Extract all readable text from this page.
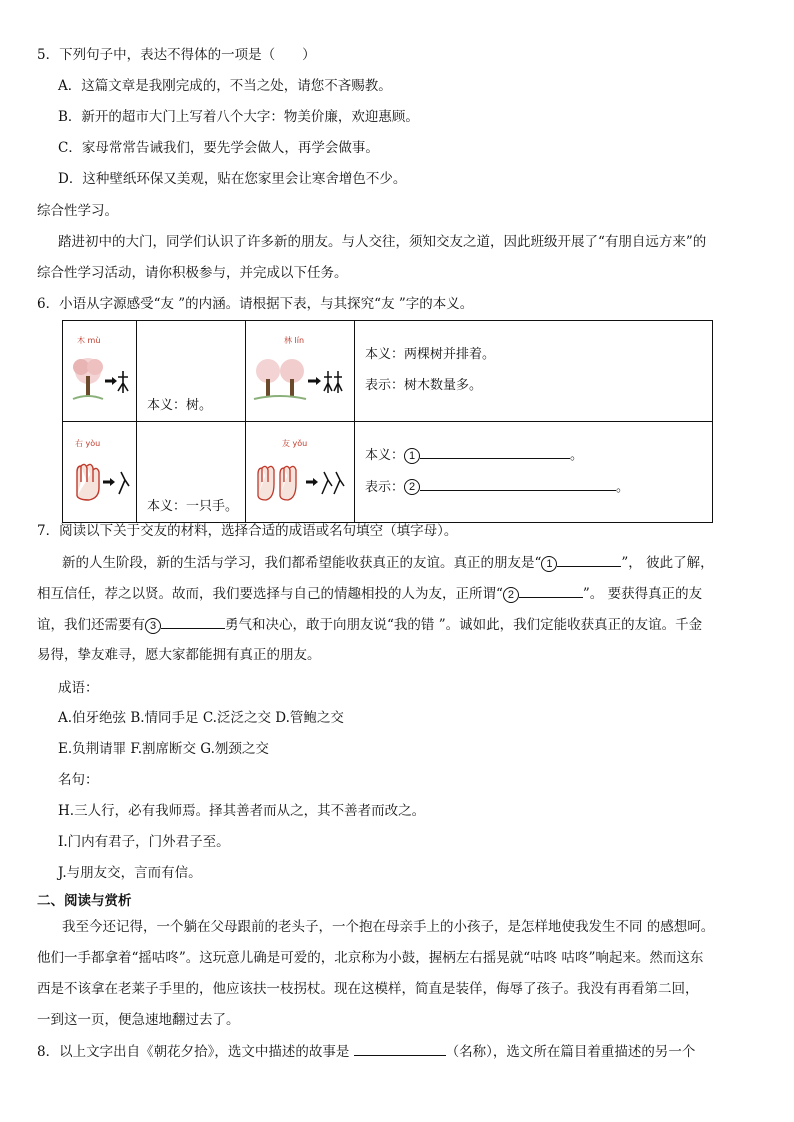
5．下列句子中，表达不得体的一项是（　　）
A．这篇文章是我刚完成的，不当之处，请您不吝赐教。
B．新开的超市大门上写着八个大字：物美价廉，欢迎惠顾。
C．家母常常告诫我们，要先学会做人，再学会做事。
D．这种壁纸环保又美观，贴在您家里会让寒舍增色不少。
综合性学习。
踏进初中的大门，同学们认识了许多新的朋友。与人交往，须知交友之道，因此班级开展了“有朋自远方来”的
综合性学习活动，请你积极参与，并完成以下任务。
6．小语从字源感受“友 ”的内涵。请根据下表，与其探究“友 ”字的本义。
木 mù	本义：树。	林 lín	本义：两棵树并排着。
表示：树木数量多。

右 yòu	本义：一只手。	友 yǒu	本义： 1 。
表示： 2 。
7．阅读以下关于交友的材料，选择合适的成语或名句填空（填字母）。
新的人生阶段，新的生活与学习，我们都希望能收获真正的友谊。真正的朋友是“ 1	”， 彼此了解，
相互信任，荐之以贤。故而，我们要选择与自己的情趣相投的人为友，正所谓“ 2	”。 要获得真正的友
谊，我们还需要有 3	勇气和决心，敢于向朋友说“我的错 ”。诚如此，我们定能收获真正的友谊。千金
易得，挚友难寻，愿大家都能拥有真正的朋友。
成语：
A.伯牙绝弦 B.情同手足 C.泛泛之交 D.管鲍之交
E.负荆请罪 F.割席断交 G.刎颈之交
名句：
H.三人行，必有我师焉。择其善者而从之，其不善者而改之。
I.门内有君子，门外君子至。
J.与朋友交，言而有信。
二、阅读与赏析
我至今还记得，一个躺在父母跟前的老头子，一个抱在母亲手上的小孩子，是怎样地使我发生不同 的感想呵。
他们一手都拿着“摇咕咚”。这玩意儿确是可爱的，北京称为小鼓，握柄左右摇晃就“咕咚 咕咚”响起来。然而这东
西是不该拿在老莱子手里的，他应该扶一枝拐杖。现在这模样，简直是装佯，侮辱了孩子。我没有再看第二回，
一到这一页，便急速地翻过去了。
8．以上文字出自《朝花夕拾》，选文中描述的故事是	（名称），选文所在篇目着重描述的另一个
